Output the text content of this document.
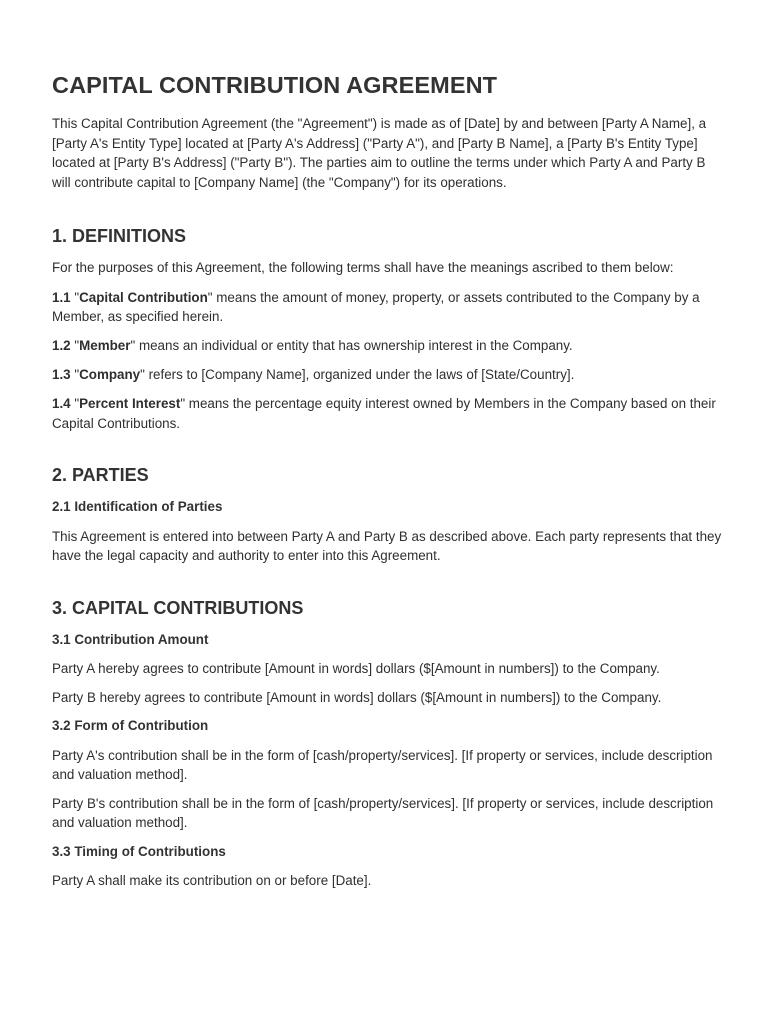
CAPITAL CONTRIBUTION AGREEMENT

This Capital Contribution Agreement (the "Agreement") is made as of [Date] by and between [Party A Name], a [Party A's Entity Type] located at [Party A's Address] ("Party A"), and [Party B Name], a [Party B's Entity Type] located at [Party B's Address] ("Party B"). The parties aim to outline the terms under which Party A and Party B will contribute capital to [Company Name] (the "Company") for its operations.

1. DEFINITIONS

For the purposes of this Agreement, the following terms shall have the meanings ascribed to them below:

1.1 "Capital Contribution" means the amount of money, property, or assets contributed to the Company by a Member, as specified herein.

1.2 "Member" means an individual or entity that has ownership interest in the Company.

1.3 "Company" refers to [Company Name], organized under the laws of [State/Country].

1.4 "Percent Interest" means the percentage equity interest owned by Members in the Company based on their Capital Contributions.

2. PARTIES
2.1 Identification of Parties

This Agreement is entered into between Party A and Party B as described above. Each party represents that they have the legal capacity and authority to enter into this Agreement.

3. CAPITAL CONTRIBUTIONS
3.1 Contribution Amount

Party A hereby agrees to contribute [Amount in words] dollars ($[Amount in numbers]) to the Company.

Party B hereby agrees to contribute [Amount in words] dollars ($[Amount in numbers]) to the Company.

3.2 Form of Contribution

Party A's contribution shall be in the form of [cash/property/services]. [If property or services, include description and valuation method].

Party B's contribution shall be in the form of [cash/property/services]. [If property or services, include description and valuation method].

3.3 Timing of Contributions

Party A shall make its contribution on or before [Date].
